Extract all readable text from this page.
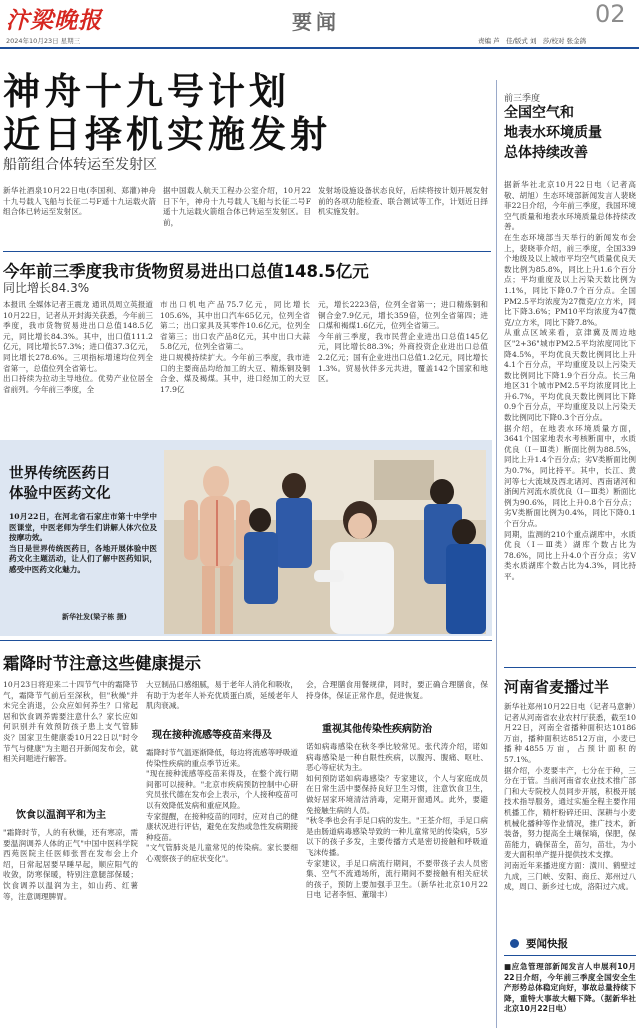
汴梁晚报
2024年10月23日 星期三
要闻	02
责编 芦　佳/版式 刘　莎/校对 张金鸽
神舟十九号计划
近日择机实施发射
船箭组合体转运至发射区
新华社酒泉10月22日电(李国利、郑灌)神舟十九号载人飞船与长征二号F遥十九运载火箭组合体已转运至发射区。
据中国载人航天工程办公室介绍，10月22日下午，神舟十九号载人飞船与长征二号F遥十九运载火箭组合体已转运至发射区。目前，
发射场设施设备状态良好，后续将按计划开展发射前的各项功能检查、联合测试等工作，计划近日择机实施发射。
今年前三季度我市货物贸易进出口总值148.5亿元
同比增长84.3%
本报讯 全媒体记者王震龙 通讯员周立英报道 10月22日，记者从开封海关获悉，今年前三季度，我市货物贸易进出口总值148.5亿元，同比增长84.3%。其中，出口值111.2亿元，同比增长57.3%；进口值37.3亿元，同比增长278.6%。三项指标增速均位列全省第一，总值位列全省第七。
出口持续为拉动主导地位。优势产业位居全省前列。今年前三季度，全
市出口机电产品75.7亿元，同比增长105.6%，其中出口汽车65亿元，位列全省第二；出口家具及其零件10.6亿元，位列全省第三；出口农产品8亿元，其中出口大蒜5.8亿元，位列全省第二。
进口规模持续扩大。今年前三季度，我市进口的主要商品均给加工的大豆、精炼铜及铜合金、煤及褐煤。其中，进口经加工的大豆17.9亿
元，增长2223倍，位列全省第一；进口精炼铜和铜合金7.9亿元，增长359倍，位列全省第四；进口煤和褐煤1.6亿元，位列全省第三。
今年前三季度，我市民营企业进出口总值145亿元，同比增长88.3%；外商投资企业进出口总值2.2亿元；国有企业进出口总值1.2亿元，同比增长1.3%。贸易伙伴多元共进，覆盖142个国家和地区。
世界传统医药日
体验中医药文化
10月22日，在河北省石家庄市第十中学中医课堂，中医老师为学生们讲解人体穴位及按摩功效。
当日是世界传统医药日，各地开展体验中医药文化主题活动，让人们了解中医药知识，感受中医药文化魅力。
新华社发(梁子栋 摄)
霜降时节注意这些健康提示
10月23日将迎来二十四节气中的霜降节气，霜降节气前后至深秋，但"秋燥"并未完全消退，公众应如何养生？口常起居和饮食调养需要注意什么？家长应如何识别并有效预防孩子患上支气管肺炎？国家卫生健康委10月22日以"时令节气与健康"为主题召开新闻发布会，就相关问题进行解答。
饮食以温润平和为主
"霜降时节，人的有秋燥，还有寒凉，需要温润调养人体的正气"中国中医科学院西苑医院主任医师张晋在发布会上介绍，日常起居要早睡早起，顺应阳气的收敛，防寒保暖，特别注意腿部保暖；饮食调养以温润为主，如山药、红薯等，注意调理脾胃。
大豆制品口感细腻，易于老年人消化和吸收，有助于为老年人补充优质蛋白质，延缓老年人肌肉衰减。
现在接种流感等疫苗来得及
霜降时节气温逐渐降低，每边将流感等呼吸道传染性疾病的重点季节近来。
"现在接种流感等疫苗来得及，在整个流行期间都可以接种。"北京市疾病预防控制中心研究员张代德在发布会上表示，个人接种疫苗可以有效降低发病和重症风险。
专家提醒，在接种疫苗的同时，应对自己的健康状况进行评估，避免在发热或急性发病期接种疫苗。
"文气管肺炎是儿童常见的传染病。家长要细心观察孩子的症状变化"。
会，合理膳食用餐规律，同时，要正确合理膳食，保持身体，保证正常作息，促进恢复。
重视其他传染性疾病防治
诺如病毒感染在秋冬季比较常见。张代涛介绍，诺如病毒感染是一种自限性疾病，以腹泻、腹痛、呕吐、恶心等症状为主。
如何预防诺如病毒感染？专家建议，个人与家庭成员在日常生活中要保持良好卫生习惯，注意饮食卫生，做好居家环境清洁消毒，定期开窗通风。此外，要避免接触生病的人员。
"秋冬季也会有手足口病的发生。"王荃介绍，手足口病是由肠道病毒感染导致的一种儿童常见的传染病，5岁以下的孩子多发，主要传播方式是密切接触和呼吸道飞沫传播。
专家建议，手足口病流行期间，不要带孩子去人员密集、空气不流通场所，流行期间不要接触有相关症状的孩子，预防上要加强手卫生。（新华社北京10月22日电 记者李恒、董瑞丰）
前三季度
全国空气和
地表水环境质量
总体持续改善
据新华社北京10月22日电（记者高敬、胡旭）生态环境部新闻发言人裴晓菲22日介绍，今年前三季度，我国环境空气质量和地表水环境质量总体持续改善。
在生态环境部当天举行的新闻发布会上，裴晓菲介绍，前三季度，全国339个地级及以上城市平均空气质量优良天数比例为85.8%，同比上升1.6个百分点；平均重度及以上污染天数比例为1.1%，同比下降0.7个百分点。全国PM2.5平均浓度为27微克/立方米，同比下降3.6%；PM10平均浓度为47微克/立方米，同比下降7.8%。
从重点区域来看，京津冀及周边地区"2+36"城市PM2.5平均浓度同比下降4.5%，平均优良天数比例同比上升4.1个百分点，平均重度及以上污染天数比例同比下降1.9个百分点。长三角地区31个城市PM2.5平均浓度同比上升6.7%，平均优良天数比例同比下降0.9个百分点，平均重度及以上污染天数比例同比下降0.3个百分点。
据介绍，在地表水环境质量方面，3641个国家地表水考核断面中，水质优良（Ⅰ－Ⅲ类）断面比例为88.5%，同比上升1.4个百分点；劣Ⅴ类断面比例为0.7%，同比持平。其中，长江、黄河等七大流域及西北诸河、西南诸河和浙闽片河流水质优良（Ⅰ－Ⅲ类）断面比例为90.6%，同比上升0.8个百分点；劣Ⅴ类断面比例为0.4%，同比下降0.1个百分点。
同期，监测的210个重点湖库中，水质优良（Ⅰ－Ⅲ类）湖库个数占比为78.6%，同比上升4.0个百分点；劣Ⅴ类水质湖库个数占比为4.3%，同比持平。
河南省麦播过半
新华社郑州10月22日电（记者马意翀）记者从河南省农业农村厅获悉，截至10月22日，河南全省播种面积达10186万亩，播种面积达8512万亩，小麦已播种4855万亩，占预计面积的57.1%。
据介绍，小麦要丰产，七分在于种，三分在于管。当前河南省农业技术推广部门和大专院校人员同步开展，积极开展技术指导服务，通过实施全程主要作用机播工作，精杆粉碎还田、深耕与小麦机械化播种等作业情况，推广技术，新装备，努力提高全土壤保墒，保肥，保苗能力，确保苗全，苗匀，苗壮，为小麦大面积单产提升提供技术支撑。
河南近年来播进度方面：潢川、鹤壁过九成，三门峡、安阳、商丘、郑州过八成，周口、新乡过七成，洛阳过六成。
要闻快报
■应急管理部新闻发言人申展利10月22日介绍，今年前三季度全国安全生产形势总体稳定向好，事故总量持续下降，重特大事故大幅下降。（据新华社北京10月22日电）
